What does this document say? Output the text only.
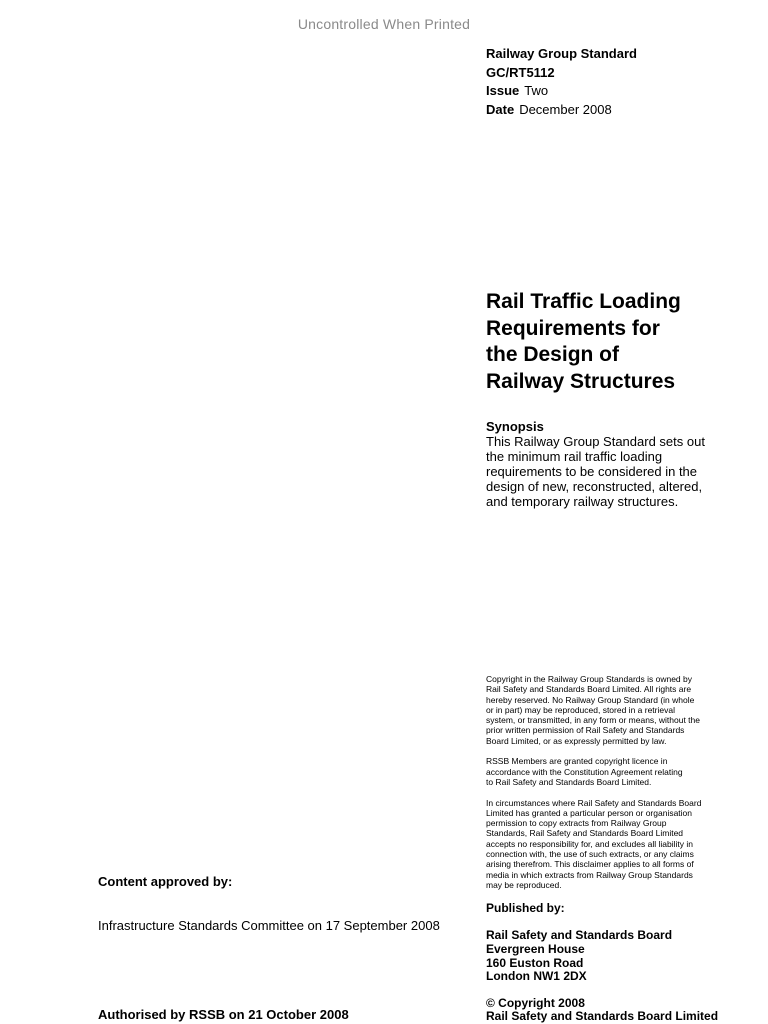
Uncontrolled When Printed
Railway Group Standard
GC/RT5112
Issue Two
Date December 2008
Rail Traffic Loading
Requirements for
the Design of
Railway Structures
Synopsis
This Railway Group Standard sets out
the minimum rail traffic loading
requirements to be considered in the
design of new, reconstructed, altered,
and temporary railway structures.

Copyright in the Railway Group Standards is owned by
Rail Safety and Standards Board Limited. All rights are
hereby reserved. No Railway Group Standard (in whole
or in part) may be reproduced, stored in a retrieval
system, or transmitted, in any form or means, without the
prior written permission of Rail Safety and Standards
Board Limited, or as expressly permitted by law.

RSSB Members are granted copyright licence in
accordance with the Constitution Agreement relating
to Rail Safety and Standards Board Limited.

In circumstances where Rail Safety and Standards Board
Limited has granted a particular person or organisation
permission to copy extracts from Railway Group
Standards, Rail Safety and Standards Board Limited
accepts no responsibility for, and excludes all liability in
connection with, the use of such extracts, or any claims
arising therefrom. This disclaimer applies to all forms of
media in which extracts from Railway Group Standards
may be reproduced.

Published by:
Rail Safety and Standards Board
Evergreen House
160 Euston Road
London NW1 2DX
© Copyright 2008
Rail Safety and Standards Board Limited
Content approved by:
Infrastructure Standards Committee on 17 September 2008
Authorised by RSSB on 21 October 2008
